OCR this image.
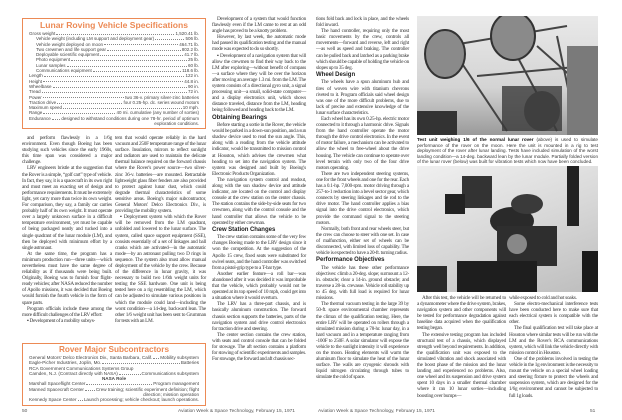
Lunar Roving Vehicle Specifications
Gross weight	1,520.41 lb.
Vehicle weight (including LM support and deployment gear)	506 lb.
Vehicle weight deployed on moon	464.71 lb.
Two crewmen and life support gear	802.2 lb.
Deployable scientific equipment	41.7 lb.
Photo equipment	25 lb.
Lunar samples	60 lb.
Communications equipment	118.6 lb.
Length	122 in.
Height	44.8 in.
Wheelbase	90 in.
Tread	72 in.
Power	two 36-v. primary silver-zinc batteries
Traction drive	four 0.25-hp. dc. series wound motors
Maximum speed	10 mph.
Range	40 mi. cumulative (any number of sorties)
Endurance designed to withstand conditions during one 78-hr. period of optimum
exploration conditions.

and perform flawlessly in a 1/6g environment. Even though Boeing has been studying such vehicles since the early 1960s, this time span was considered a major challenge.

LRV engineers bristle at the suggestion that the Rover is a simple, “golf cart” type of vehicle. In fact, they say, it is a spacecraft in its own right and must meet an exacting set of design and performance requirements. It must be extremely light, yet carry more than twice its own weight. For comparison, they say, a family car carries probably half of its own weight. It must operate over a largely unknown surface in a difficult temperature environment, yet must be capable of being packaged neatly and tucked into a single quadrant of the lunar module (LM), and then be deployed with minimum effort by a single astronaut.

At the same time, the program has a minimum production run—three units—which nevertheless must have the same degree of reliability as if thousands were being built. Originally, Boeing was to furnish four flight-ready vehicles; after NASA reduced the number of Apollo missions, it was decided that Boeing would furnish the fourth vehicle in the form of spare parts.

Program officials include these among the more difficult challenges of the LRV effort:

▪ Development of a mobility subsys-

tem that would operate reliably in the hard vacuum and 250F temperature range of the lunar surface. Insulation, mirrors to reflect sunlight and radiators are used to maintain the delicate thermal balance required on the forward chassis where the Rover's power source—two silver-zinc 36-v. batteries—are mounted. Retractable lightweight glass fiber fenders are also provided to protect against lunar dust, which could degrade thermal characteristics of some sensitive areas. Boeing's major subcontractor, General Motors' Delco Electronics Div., is providing the mobility system.

▪ Deployment system with which the Rover will be removed from the LM quadrant, unfolded and lowered to the lunar surface. The system, called space support equipment (SSE), consists essentially of a set of linkages and ball cranks which are activated—in the automatic mode—by an astronaut pulling two D rings in sequence. The system also must allow manual deployment of the vehicle by the crew. Because of the difference in lunar gravity, it was necessary to build two 1/6th weight units for testing the SSE hardware. One unit is being tested here on a rig resembling the LM, which can be adjusted to simulate various positions in which the module could land—including the worst condition—a 14-deg. backward lean. The other 1/6 weight unit has been sent to Grumman for tests with an LM.

Development of a system that would function flawlessly even if the LM came to rest at an odd angle has proved to be a knotty problem.

However, by last week, the automatic mode had passed its qualification testing and the manual mode was expected to do so shortly.

▪ Development of a navigation system that will allow the crewmen to find their way back to the LM after exploring—without benefit of compass—a surface where they will be over the horizon after moving an average 1.3 mi. from the LM. The system consists of a directional gyro unit, a signal processing unit—a small, solid-state computer—and a display electronics unit, which shows distance traveled, distance from the LM, heading being followed and heading back to the LM.

Obtaining Bearings

Before starting a sortie in the Rover, the vehicle would be parked in a down-sun position, and a sun shadow device used to read the sun angle. This, along with a reading from the vehicle attitude indicator, would be transmitted to mission control at Houston, which advises the crewmen what heading to set into the navigation system. The system was designed and built by Boeing's Electronic Products Organization.

The navigation system control and readout, along with the sun shadow device and attitude indicator, are located on the control and display console at the crew station on the center chassis. The station contains the side-by-side seats for two crewmen, along with the control console and the hand controller that allows the vehicle to be operated by either crewman.

Crew Station Changes

The crew station contains some of the very few changes Boeing made to the LRV design since it won the competition. At the suggestion of the Apollo 15 crew, fixed seats were substituted for swivel seats, and the hand controller was switched from a pistol-grip type to a T-bar type.

Another earlier feature—a roll bar—was abandoned after it was decided it was improbable that the vehicle, which probably would not be operated at its top speed of 10 mph, could get into a situation where it would overturn.

The LRV has a three-part chassis, and is basically aluminum construction. The forward chassis section supports the batteries, parts of the navigation system and drive control electronics for traction drive and steering.

The center section contains the crew station, with seats and control console that can be folded for stowage. The aft section contains a platform for stowing of scientific experiments and samples. For stowage, the forward and aft chassis sec-

Rover Major Subcontractors
General Motors' Delco Electronics Div., Santa Barbara, Calif. Mobility subsystem
Eagle-Picher Industries, Joplin, Mo.	Batteries
RCA Government Communications Systems Group
Camden, N.J. (Contract directly with NASA)	Communications subsystem
NASA Role
Marshall Spaceflight Center	Program management
Manned Spacecraft Center	Crew training; scientific experiment definition; flight
direction; mission operation
Kennedy Space Center Launch processing; vehicle checkout; launch operations.
50	Aviation Week & Space Technology, February 15, 1971

tions fold back and lock in place, and the wheels fold inward.

The hand controller, requiring only the most basic movements by the crew, controls all movements—forward and reverse, left and right—as well as speed and braking. The controller can be pulled back and latched as a parking brake which should be capable of holding the vehicle on slopes up to 35 deg.

Wheel Design

The wheels have a spun aluminum hub and tires of woven wire with titanium chevrons riveted to it. Program officials said wheel design was one of the more difficult problems, due to lack of precise and extensive knowledge of the lunar surface characteristics.

Each wheel has its own 0.25-hp. electric motor connected to it through a harmonic drive. Signals from the hand controller operate the motor through the drive control electronics. In the event of motor failure, a mechanism can be activated to allow the wheel to free-wheel about the drive housing. The vehicle can continue to operate over level terrain with only two of the four drive motors operating.

There are two independent steering systems, one for the front wheels and one for the rear. Each has a 0.1-hp. 7,000-rpm. motor driving through a 257-to-1 reduction into a bevel sector gear, which connects by steering linkages and tie rod to the drive motor. The hand controller applies a bias signal into the drive control electronics, which provide the command signal to the steering motors.

Normally, both front and rear wheels steer, but the crew can choose to steer with one set. In case of malfunction, either set of wheels can be disconnected, with limited loss of capability. The vehicle is expected to have a 20-ft. turning radius.

Performance Objectives

The vehicle has these other performance objectives: climb a 20-deg. slope; surmount a 12-in. obstacle; clear a 14-in. ground obstacle; and traverse a 28-in. crevasse. Vehicle roll stability up to 45 deg. with full load is required for lunar missions.

The thermal vacuum testing in the large 39 by 50-ft. space environmental chamber represents the climax of the qualification testing. Here, the entire LRV will be operated on rollers through a simulated mission during a 78-hr. lunar day, in a hard vacuum and in a temperature ranging from -100F to 250F. A solar simulator will expose the vehicle to the sunlight intensity it will experience on the moon. Heating elements will warm the aluminum floor to simulate the heat of the lunar surface. The walls are cryogenic shrouds with liquid nitrogen circulating through tubes to simulate the cold of space.

Test unit weighing 1/6 of the normal lunar rover (above) is used to simulate performance of the rover on the moon. Here the unit is mounted in a rig to test deployment of the rover after lunar landing. Tests have included simulation of the worst landing condition—a 14-deg. backward lean by the lunar module. Partially folded version of the lunar rover (below) was built for vibration tests which now have been concluded.

After this test, the vehicle will be returned to a dynamometer where the drive system, brakes, navigation system and other components will be tested for performance degradation against baseline data acquired when the qualification testing began.

The extensive testing program has included structural test of a chassis, which displayed strength well beyond requirements. In addition, the qualification unit was exposed to the simulated vibration and shock associated with the boost phase of the mission and the lunar landing and experienced no problems. Also, one wheel and its suspension and drive system spent 10 days in a smaller thermal chamber where it ran 10 lunar sorties—including boosting over bumps—

while exposed to cold and hot soaks.

Some electro-mechanical interference tests have been conducted here to make sure that each electrical system is compatible with the other.

The final qualification test will take place at Houston where similar tests will be run with the LM and the Rover's RCA communications system, which will link the vehicle directly with mission control in Houston.

One of the problems involved in testing the vehicle in the 1g environment is the necessity to mount the vehicle on a special wheel loading and steering fixture to protect the wheels and suspension system, which are designed for the 1/6g environment and cannot be subjected to full 1g loads.

Aviation Week & Space Technology, February 15, 1971	51
